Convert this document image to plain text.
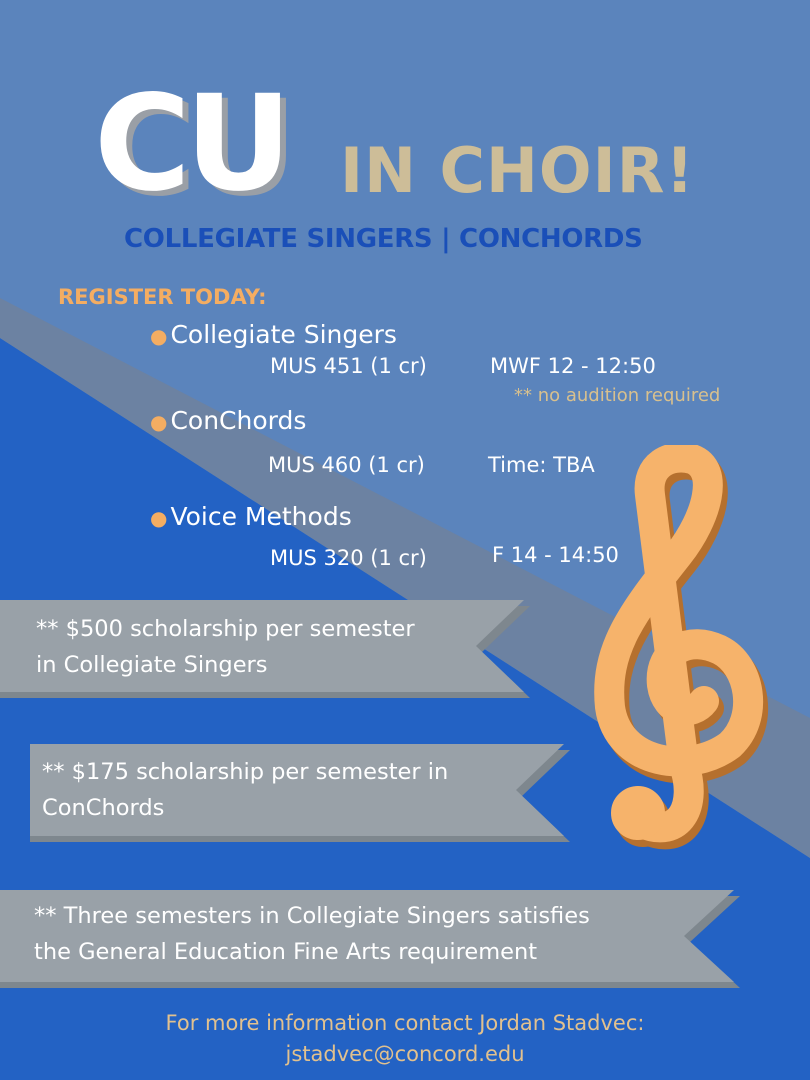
CU IN CHOIR!
COLLEGIATE SINGERS | CONCHORDS
REGISTER TODAY:
● Collegiate Singers
MUS 451 (1 cr)	MWF 12 - 12:50
** no audition required
● ConChords
MUS 460 (1 cr)	Time: TBA
● Voice Methods
MUS 320 (1 cr)	F 14 - 14:50
** $500 scholarship per semester
in Collegiate Singers
** $175 scholarship per semester in
ConChords
** Three semesters in Collegiate Singers satisfies
the General Education Fine Arts requirement
For more information contact Jordan Stadvec:
jstadvec@concord.edu
